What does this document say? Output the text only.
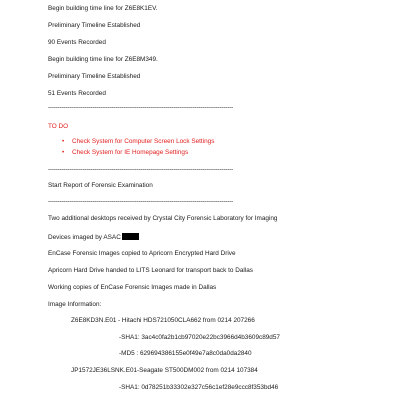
Begin building time line for Z6E8K1EV.
Preliminary Timeline Established
90 Events Recorded
Begin building time line for Z6E8M349.
Preliminary Timeline Established
51 Events Recorded
------------------------------------------------------------------------------------------------
TO DO
• Check System for Computer Screen Lock Settings
• Check System for IE Homepage Settings
------------------------------------------------------------------------------------------------
Start Report of Forensic Examination
------------------------------------------------------------------------------------------------
Two additional desktops received by Crystal City Forensic Laboratory for Imaging
Devices imaged by ASAC
EnCase Forensic Images copied to Apricorn Encrypted Hard Drive
Apricorn Hard Drive handed to LITS Leonard for transport back to Dallas
Working copies of EnCase Forensic Images made in Dallas
Image Information:
Z6E8KD3N.E01 - Hitachi HDS721050CLA662 from 0214 207266
-SHA1: 3ac4c0fa2b1cb97020e22bc3966d4b3609c89d57
-MD5 : 629694386155e0f49e7a8c0da0da2840
JP1572JE36LSNK.E01 -Seagate ST500DM002 from 0214 107384
-SHA1: 0d78251b33302e327c56c1ef28e9ccc8f353bd46
